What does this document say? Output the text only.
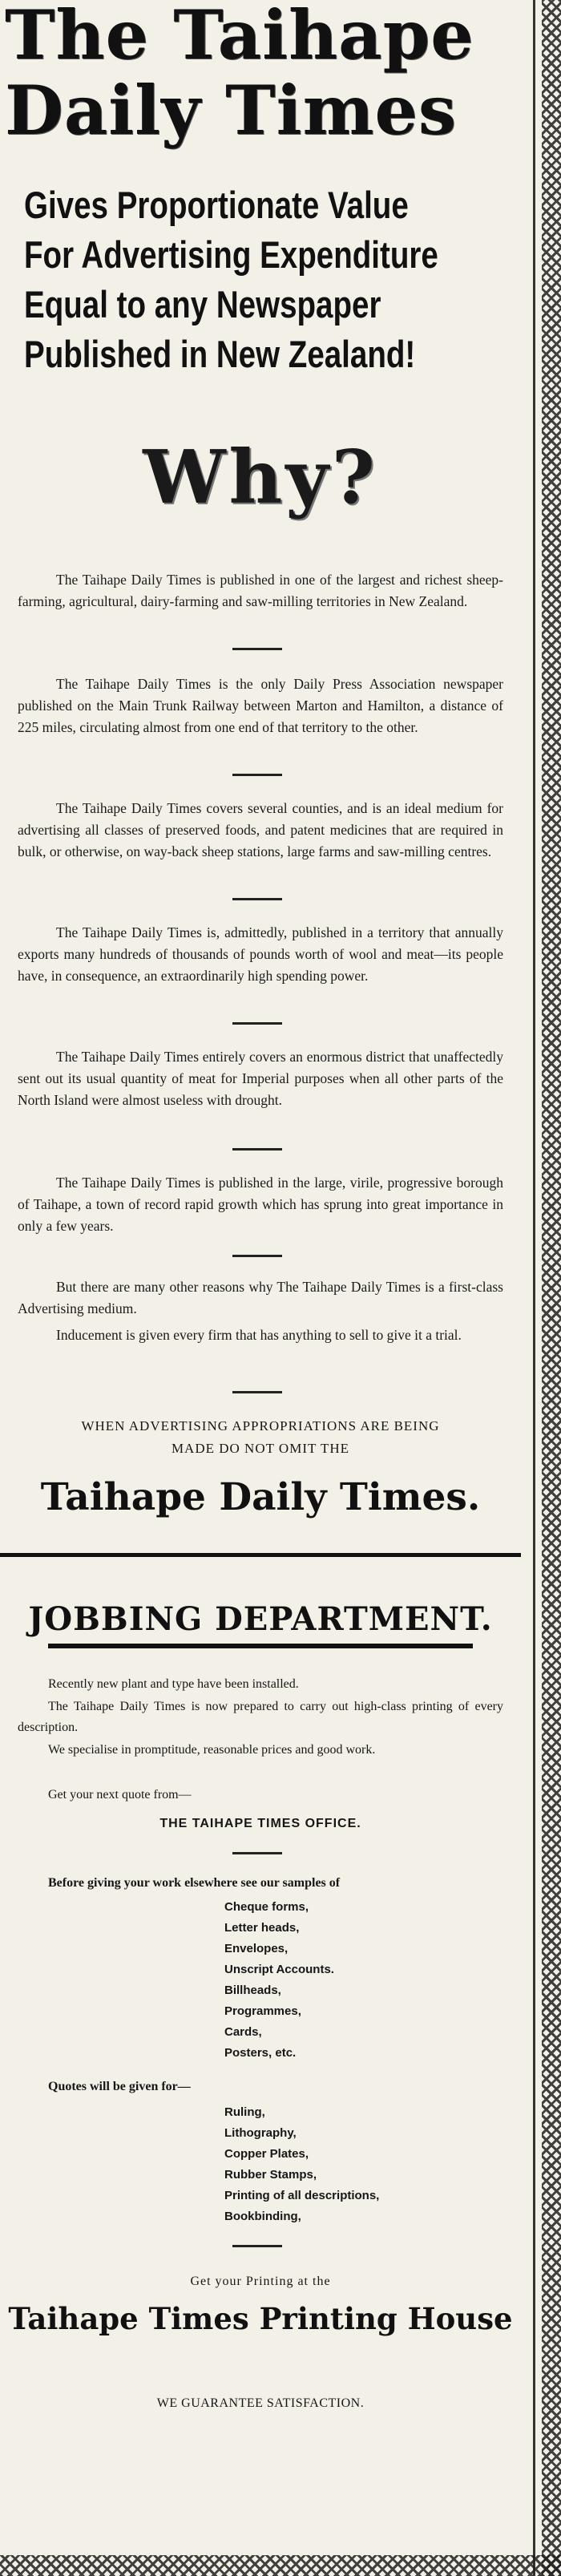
The Taihape
Daily Times
Gives Proportionate Value
For Advertising Expenditure
Equal to any Newspaper
Published in New Zealand!
Why?

The Taihape Daily Times is published in one of the largest and richest sheep-farming, agricultural, dairy-farming and saw-milling territories in New Zealand.

The Taihape Daily Times is the only Daily Press Association newspaper published on the Main Trunk Railway between Marton and Hamilton, a distance of 225 miles, circulating almost from one end of that territory to the other.

The Taihape Daily Times covers several counties, and is an ideal medium for advertising all classes of preserved foods, and patent medicines that are required in bulk, or otherwise, on way-back sheep stations, large farms and saw-milling centres.

The Taihape Daily Times is, admittedly, published in a territory that annually exports many hundreds of thousands of pounds worth of wool and meat—its people have, in consequence, an extraordinarily high spending power.

The Taihape Daily Times entirely covers an enormous district that unaffectedly sent out its usual quantity of meat for Imperial purposes when all other parts of the North Island were almost useless with drought.

The Taihape Daily Times is published in the large, virile, progressive borough of Taihape, a town of record rapid growth which has sprung into great importance in only a few years.

But there are many other reasons why The Taihape Daily Times is a first-class Advertising medium.

Inducement is given every firm that has anything to sell to give it a trial.

WHEN ADVERTISING APPROPRIATIONS ARE BEING
MADE DO NOT OMIT THE
Taihape Daily Times.
JOBBING DEPARTMENT.

Recently new plant and type have been installed.

The Taihape Daily Times is now prepared to carry out high-class printing of every description.

We specialise in promptitude, reasonable prices and good work.

Get your next quote from—

THE TAIHAPE TIMES OFFICE.

Before giving your work elsewhere see our samples of

Cheque forms,
Letter heads,
Envelopes,
Unscript Accounts.
Billheads,
Programmes,
Cards,
Posters, etc.

Quotes will be given for—

Ruling,
Lithography,
Copper Plates,
Rubber Stamps,
Printing of all descriptions,
Bookbinding,
Get your Printing at the
Taihape Times Printing House
WE GUARANTEE SATISFACTION.
